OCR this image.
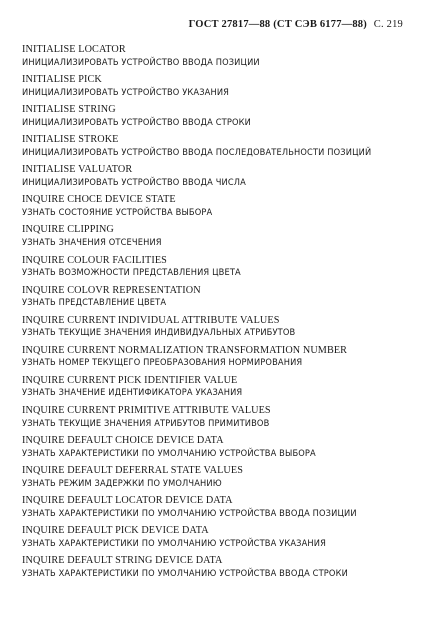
ГОСТ 27817—88 (СТ СЭВ 6177—88) С. 219
INITIALISE LOCATOR
ИНИЦИАЛИЗИРОВАТЬ УСТРОЙСТВО ВВОДА ПОЗИЦИИ
INITIALISE PICK
ИНИЦИАЛИЗИРОВАТЬ УСТРОЙСТВО УКАЗАНИЯ
INITIALISE STRING
ИНИЦИАЛИЗИРОВАТЬ УСТРОЙСТВО ВВОДА СТРОКИ
INITIALISE STROKE
ИНИЦИАЛИЗИРОВАТЬ УСТРОЙСТВО ВВОДА ПОСЛЕДОВАТЕЛЬНОСТИ ПОЗИЦИЙ
INITIALISE VALUATOR
ИНИЦИАЛИЗИРОВАТЬ УСТРОЙСТВО ВВОДА ЧИСЛА
INQUIRE CHOCE DEVICE STATE
УЗНАТЬ СОСТОЯНИЕ УСТРОЙСТВА ВЫБОРА
INQUIRE CLIPPING
УЗНАТЬ ЗНАЧЕНИЯ ОТСЕЧЕНИЯ
INQUIRE COLOUR FACILITIES
УЗНАТЬ ВОЗМОЖНОСТИ ПРЕДСТАВЛЕНИЯ ЦВЕТА
INQUIRE COLOVR REPRESENTATION
УЗНАТЬ ПРЕДСТАВЛЕНИЕ ЦВЕТА
INQUIRE CURRENT INDIVIDUAL ATTRIBUTE VALUES
УЗНАТЬ ТЕКУЩИЕ ЗНАЧЕНИЯ ИНДИВИДУАЛЬНЫХ АТРИБУТОВ
INQUIRE CURRENT NORMALIZATION TRANSFORMATION NUMBER
УЗНАТЬ НОМЕР ТЕКУЩЕГО ПРЕОБРАЗОВАНИЯ НОРМИРОВАНИЯ
INQUIRE CURRENT PICK IDENTIFIER VALUE
УЗНАТЬ ЗНАЧЕНИЕ ИДЕНТИФИКАТОРА УКАЗАНИЯ
INQUIRE CURRENT PRIMITIVE ATTRIBUTE VALUES
УЗНАТЬ ТЕКУЩИЕ ЗНАЧЕНИЯ АТРИБУТОВ ПРИМИТИВОВ
INQUIRE DEFAULT CHOICE DEVICE DATA
УЗНАТЬ ХАРАКТЕРИСТИКИ ПО УМОЛЧАНИЮ УСТРОЙСТВА ВЫБОРА
INQUIRE DEFAULT DEFERRAL STATE VALUES
УЗНАТЬ РЕЖИМ ЗАДЕРЖКИ ПО УМОЛЧАНИЮ
INQUIRE DEFAULT LOCATOR DEVICE DATA
УЗНАТЬ ХАРАКТЕРИСТИКИ ПО УМОЛЧАНИЮ УСТРОЙСТВА ВВОДА ПОЗИЦИИ
INQUIRE DEFAULT PICK DEVICE DATA
УЗНАТЬ ХАРАКТЕРИСТИКИ ПО УМОЛЧАНИЮ УСТРОЙСТВА УКАЗАНИЯ
INQUIRE DEFAULT STRING DEVICE DATA
УЗНАТЬ ХАРАКТЕРИСТИКИ ПО УМОЛЧАНИЮ УСТРОЙСТВА ВВОДА СТРОКИ
